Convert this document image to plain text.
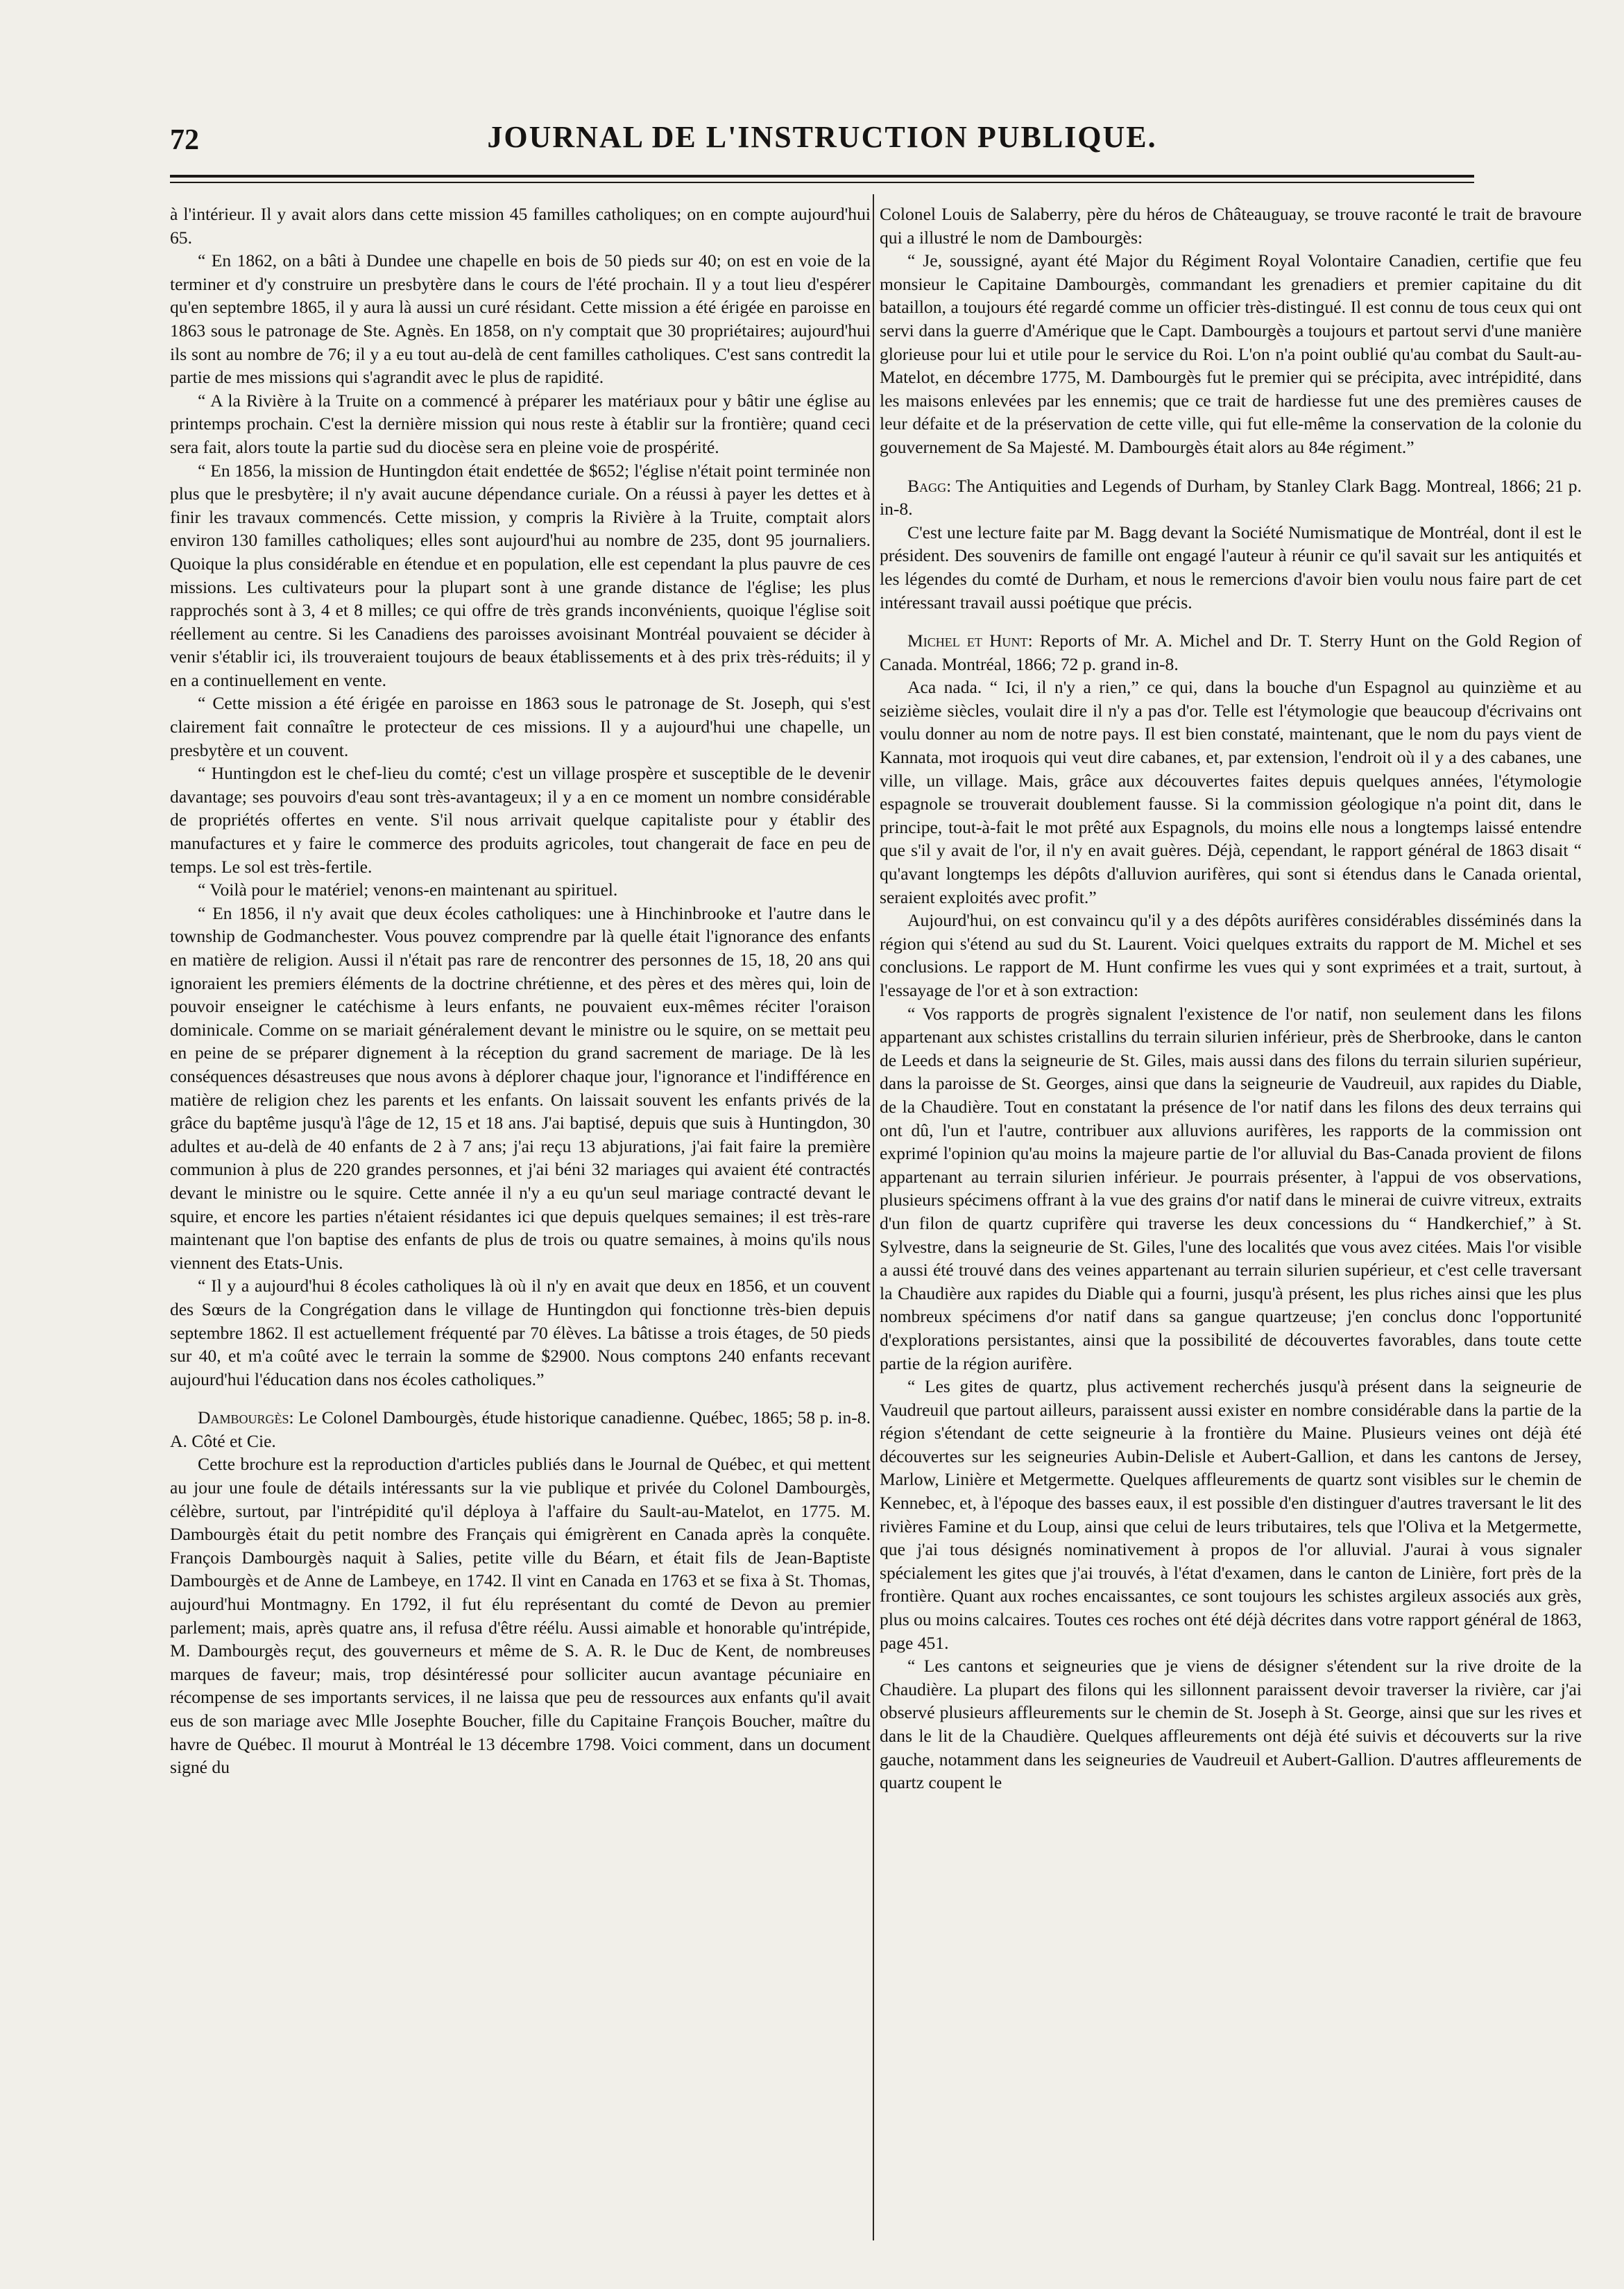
72	JOURNAL DE L'INSTRUCTION PUBLIQUE.

à l'intérieur. Il y avait alors dans cette mission 45 familles catholiques; on en compte aujourd'hui 65.

“ En 1862, on a bâti à Dundee une chapelle en bois de 50 pieds sur 40; on est en voie de la terminer et d'y construire un presbytère dans le cours de l'été prochain. Il y a tout lieu d'espérer qu'en septembre 1865, il y aura là aussi un curé résidant. Cette mission a été érigée en paroisse en 1863 sous le patronage de Ste. Agnès. En 1858, on n'y comptait que 30 propriétaires; aujourd'hui ils sont au nombre de 76; il y a eu tout au-delà de cent familles catholiques. C'est sans contredit la partie de mes missions qui s'agrandit avec le plus de rapidité.

“ A la Rivière à la Truite on a commencé à préparer les matériaux pour y bâtir une église au printemps prochain. C'est la dernière mission qui nous reste à établir sur la frontière; quand ceci sera fait, alors toute la partie sud du diocèse sera en pleine voie de prospérité.

“ En 1856, la mission de Huntingdon était endettée de $652; l'église n'était point terminée non plus que le presbytère; il n'y avait aucune dépendance curiale. On a réussi à payer les dettes et à finir les travaux commencés. Cette mission, y compris la Rivière à la Truite, comptait alors environ 130 familles catholiques; elles sont aujourd'hui au nombre de 235, dont 95 journaliers. Quoique la plus considérable en étendue et en population, elle est cependant la plus pauvre de ces missions. Les cultivateurs pour la plupart sont à une grande distance de l'église; les plus rapprochés sont à 3, 4 et 8 milles; ce qui offre de très grands inconvénients, quoique l'église soit réellement au centre. Si les Canadiens des paroisses avoisinant Montréal pouvaient se décider à venir s'établir ici, ils trouveraient toujours de beaux établissements et à des prix très-réduits; il y en a continuellement en vente.

“ Cette mission a été érigée en paroisse en 1863 sous le patronage de St. Joseph, qui s'est clairement fait connaître le protecteur de ces missions. Il y a aujourd'hui une chapelle, un presbytère et un couvent.

“ Huntingdon est le chef-lieu du comté; c'est un village prospère et susceptible de le devenir davantage; ses pouvoirs d'eau sont très-avantageux; il y a en ce moment un nombre considérable de propriétés offertes en vente. S'il nous arrivait quelque capitaliste pour y établir des manufactures et y faire le commerce des produits agricoles, tout changerait de face en peu de temps. Le sol est très-fertile.

“ Voilà pour le matériel; venons-en maintenant au spirituel.

“ En 1856, il n'y avait que deux écoles catholiques: une à Hinchinbrooke et l'autre dans le township de Godmanchester. Vous pouvez comprendre par là quelle était l'ignorance des enfants en matière de religion. Aussi il n'était pas rare de rencontrer des personnes de 15, 18, 20 ans qui ignoraient les premiers éléments de la doctrine chrétienne, et des pères et des mères qui, loin de pouvoir enseigner le catéchisme à leurs enfants, ne pouvaient eux-mêmes réciter l'oraison dominicale. Comme on se mariait généralement devant le ministre ou le squire, on se mettait peu en peine de se préparer dignement à la réception du grand sacrement de mariage. De là les conséquences désastreuses que nous avons à déplorer chaque jour, l'ignorance et l'indifférence en matière de religion chez les parents et les enfants. On laissait souvent les enfants privés de la grâce du baptême jusqu'à l'âge de 12, 15 et 18 ans. J'ai baptisé, depuis que suis à Huntingdon, 30 adultes et au-delà de 40 enfants de 2 à 7 ans; j'ai reçu 13 abjurations, j'ai fait faire la première communion à plus de 220 grandes personnes, et j'ai béni 32 mariages qui avaient été contractés devant le ministre ou le squire. Cette année il n'y a eu qu'un seul mariage contracté devant le squire, et encore les parties n'étaient résidantes ici que depuis quelques semaines; il est très-rare maintenant que l'on baptise des enfants de plus de trois ou quatre semaines, à moins qu'ils nous viennent des Etats-Unis.

“ Il y a aujourd'hui 8 écoles catholiques là où il n'y en avait que deux en 1856, et un couvent des Sœurs de la Congrégation dans le village de Huntingdon qui fonctionne très-bien depuis septembre 1862. Il est actuellement fréquenté par 70 élèves. La bâtisse a trois étages, de 50 pieds sur 40, et m'a coûté avec le terrain la somme de $2900. Nous comptons 240 enfants recevant aujourd'hui l'éducation dans nos écoles catholiques.”

Dambourgès: Le Colonel Dambourgès, étude historique canadienne. Québec, 1865; 58 p. in-8. A. Côté et Cie.

Cette brochure est la reproduction d'articles publiés dans le Journal de Québec, et qui mettent au jour une foule de détails intéressants sur la vie publique et privée du Colonel Dambourgès, célèbre, surtout, par l'intrépidité qu'il déploya à l'affaire du Sault-au-Matelot, en 1775. M. Dambourgès était du petit nombre des Français qui émigrèrent en Canada après la conquête. François Dambourgès naquit à Salies, petite ville du Béarn, et était fils de Jean-Baptiste Dambourgès et de Anne de Lambeye, en 1742. Il vint en Canada en 1763 et se fixa à St. Thomas, aujourd'hui Montmagny. En 1792, il fut élu représentant du comté de Devon au premier parlement; mais, après quatre ans, il refusa d'être réélu. Aussi aimable et honorable qu'intrépide, M. Dambourgès reçut, des gouverneurs et même de S. A. R. le Duc de Kent, de nombreuses marques de faveur; mais, trop désintéressé pour solliciter aucun avantage pécuniaire en récompense de ses importants services, il ne laissa que peu de ressources aux enfants qu'il avait eus de son mariage avec Mlle Josephte Boucher, fille du Capitaine François Boucher, maître du havre de Québec. Il mourut à Montréal le 13 décembre 1798. Voici comment, dans un document signé du

Colonel Louis de Salaberry, père du héros de Châteauguay, se trouve raconté le trait de bravoure qui a illustré le nom de Dambourgès:

“ Je, soussigné, ayant été Major du Régiment Royal Volontaire Canadien, certifie que feu monsieur le Capitaine Dambourgès, commandant les grenadiers et premier capitaine du dit bataillon, a toujours été regardé comme un officier très-distingué. Il est connu de tous ceux qui ont servi dans la guerre d'Amérique que le Capt. Dambourgès a toujours et partout servi d'une manière glorieuse pour lui et utile pour le service du Roi. L'on n'a point oublié qu'au combat du Sault-au-Matelot, en décembre 1775, M. Dambourgès fut le premier qui se précipita, avec intrépidité, dans les maisons enlevées par les ennemis; que ce trait de hardiesse fut une des premières causes de leur défaite et de la préservation de cette ville, qui fut elle-même la conservation de la colonie du gouvernement de Sa Majesté. M. Dambourgès était alors au 84e régiment.”

Bagg: The Antiquities and Legends of Durham, by Stanley Clark Bagg. Montreal, 1866; 21 p. in-8.

C'est une lecture faite par M. Bagg devant la Société Numismatique de Montréal, dont il est le président. Des souvenirs de famille ont engagé l'auteur à réunir ce qu'il savait sur les antiquités et les légendes du comté de Durham, et nous le remercions d'avoir bien voulu nous faire part de cet intéressant travail aussi poétique que précis.

Michel et Hunt: Reports of Mr. A. Michel and Dr. T. Sterry Hunt on the Gold Region of Canada. Montréal, 1866; 72 p. grand in-8.

Aca nada. “ Ici, il n'y a rien,” ce qui, dans la bouche d'un Espagnol au quinzième et au seizième siècles, voulait dire il n'y a pas d'or. Telle est l'étymologie que beaucoup d'écrivains ont voulu donner au nom de notre pays. Il est bien constaté, maintenant, que le nom du pays vient de Kannata, mot iroquois qui veut dire cabanes, et, par extension, l'endroit où il y a des cabanes, une ville, un village. Mais, grâce aux découvertes faites depuis quelques années, l'étymologie espagnole se trouverait doublement fausse. Si la commission géologique n'a point dit, dans le principe, tout-à-fait le mot prêté aux Espagnols, du moins elle nous a longtemps laissé entendre que s'il y avait de l'or, il n'y en avait guères. Déjà, cependant, le rapport général de 1863 disait “ qu'avant longtemps les dépôts d'alluvion aurifères, qui sont si étendus dans le Canada oriental, seraient exploités avec profit.”

Aujourd'hui, on est convaincu qu'il y a des dépôts aurifères considérables disséminés dans la région qui s'étend au sud du St. Laurent. Voici quelques extraits du rapport de M. Michel et ses conclusions. Le rapport de M. Hunt confirme les vues qui y sont exprimées et a trait, surtout, à l'essayage de l'or et à son extraction:

“ Vos rapports de progrès signalent l'existence de l'or natif, non seulement dans les filons appartenant aux schistes cristallins du terrain silurien inférieur, près de Sherbrooke, dans le canton de Leeds et dans la seigneurie de St. Giles, mais aussi dans des filons du terrain silurien supérieur, dans la paroisse de St. Georges, ainsi que dans la seigneurie de Vaudreuil, aux rapides du Diable, de la Chaudière. Tout en constatant la présence de l'or natif dans les filons des deux terrains qui ont dû, l'un et l'autre, contribuer aux alluvions aurifères, les rapports de la commission ont exprimé l'opinion qu'au moins la majeure partie de l'or alluvial du Bas-Canada provient de filons appartenant au terrain silurien inférieur. Je pourrais présenter, à l'appui de vos observations, plusieurs spécimens offrant à la vue des grains d'or natif dans le minerai de cuivre vitreux, extraits d'un filon de quartz cuprifère qui traverse les deux concessions du “ Handkerchief,” à St. Sylvestre, dans la seigneurie de St. Giles, l'une des localités que vous avez citées. Mais l'or visible a aussi été trouvé dans des veines appartenant au terrain silurien supérieur, et c'est celle traversant la Chaudière aux rapides du Diable qui a fourni, jusqu'à présent, les plus riches ainsi que les plus nombreux spécimens d'or natif dans sa gangue quartzeuse; j'en conclus donc l'opportunité d'explorations persistantes, ainsi que la possibilité de découvertes favorables, dans toute cette partie de la région aurifère.

“ Les gites de quartz, plus activement recherchés jusqu'à présent dans la seigneurie de Vaudreuil que partout ailleurs, paraissent aussi exister en nombre considérable dans la partie de la région s'étendant de cette seigneurie à la frontière du Maine. Plusieurs veines ont déjà été découvertes sur les seigneuries Aubin-Delisle et Aubert-Gallion, et dans les cantons de Jersey, Marlow, Linière et Metgermette. Quelques affleurements de quartz sont visibles sur le chemin de Kennebec, et, à l'époque des basses eaux, il est possible d'en distinguer d'autres traversant le lit des rivières Famine et du Loup, ainsi que celui de leurs tributaires, tels que l'Oliva et la Metgermette, que j'ai tous désignés nominativement à propos de l'or alluvial. J'aurai à vous signaler spécialement les gites que j'ai trouvés, à l'état d'examen, dans le canton de Linière, fort près de la frontière. Quant aux roches encaissantes, ce sont toujours les schistes argileux associés aux grès, plus ou moins calcaires. Toutes ces roches ont été déjà décrites dans votre rapport général de 1863, page 451.

“ Les cantons et seigneuries que je viens de désigner s'étendent sur la rive droite de la Chaudière. La plupart des filons qui les sillonnent paraissent devoir traverser la rivière, car j'ai observé plusieurs affleurements sur le chemin de St. Joseph à St. George, ainsi que sur les rives et dans le lit de la Chaudière. Quelques affleurements ont déjà été suivis et découverts sur la rive gauche, notamment dans les seigneuries de Vaudreuil et Aubert-Gallion. D'autres affleurements de quartz coupent le
